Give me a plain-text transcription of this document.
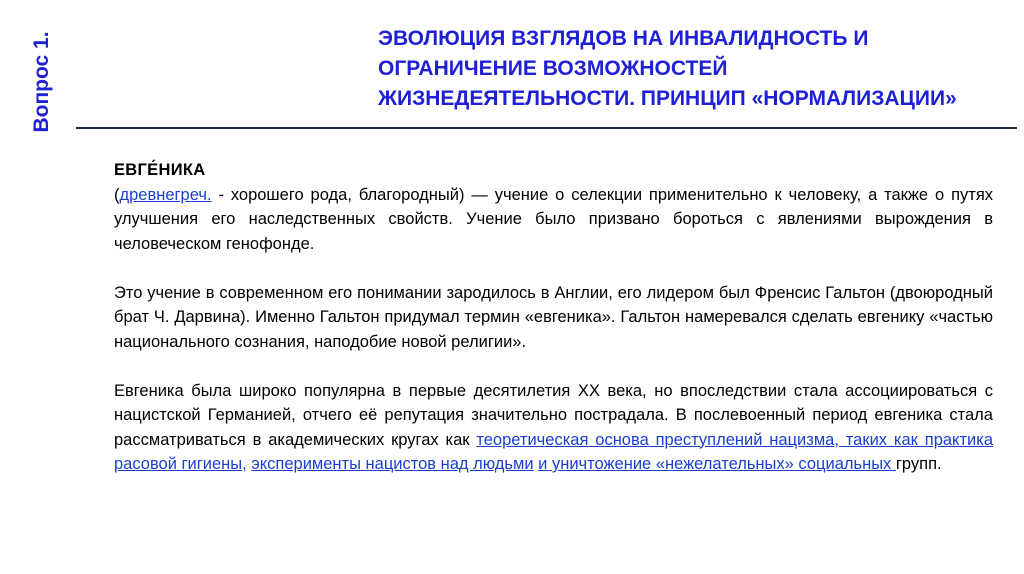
Вопрос 1.	ЭВОЛЮЦИЯ ВЗГЛЯДОВ НА ИНВАЛИДНОСТЬ И
ОГРАНИЧЕНИЕ ВОЗМОЖНОСТЕЙ
ЖИЗНЕДЕЯТЕЛЬНОСТИ. ПРИНЦИП «НОРМАЛИЗАЦИИ»
ЕВГЕ́НИКА

(древнегреч. - хорошего рода, благородный) — учение о селекции применительно к человеку, а также о путях улучшения его наследственных свойств. Учение было призвано бороться с явлениями вырождения в человеческом генофонде.

Это учение в современном его понимании зародилось в Англии, его лидером был Френсис Гальтон (двоюродный брат Ч. Дарвина). Именно Гальтон придумал термин «евгеника». Гальтон намеревался сделать евгенику «частью национального сознания, наподобие новой религии».

Евгеника была широко популярна в первые десятилетия XX века, но впоследствии стала ассоциироваться с нацистской Германией, отчего её репутация значительно пострадала. В послевоенный период евгеника стала рассматриваться в академических кругах как теоретическая основа преступлений нацизма, таких как практика расовой гигиены, эксперименты нацистов над людьми и уничтожение «нежелательных» социальных групп.
